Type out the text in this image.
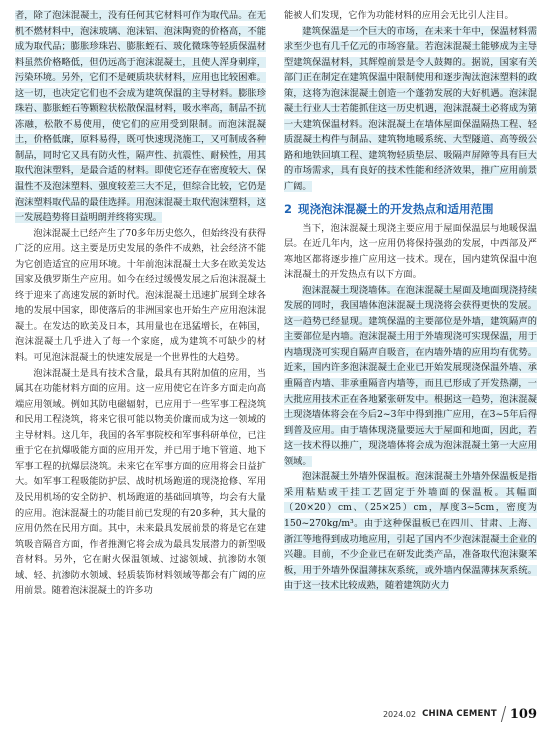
者，除了泡沫混凝土，没有任何其它材料可作为取代品。在无机不燃材料中，泡沫玻璃、泡沫铝、泡沫陶瓷的价格高，不能成为取代品；膨胀珍珠岩、膨胀蛭石、玻化微珠等轻质保温材料虽然价格略低，但仍远高于泡沫混凝土，且使人浑身刺痒，污染环境。另外，它们不是硬质块状材料，应用也比较困难。这一切，也决定它们也不会成为建筑保温的主导材料。膨胀珍珠岩、膨胀蛭石等颗粒状松散保温材料，吸水率高，制品不抗冻融，松散不易使用，使它们的应用受到限制。而泡沫混凝土，价格低廉，原料易得，既可快速现浇施工，又可制成各种制品，同时它又具有防火性，隔声性、抗震性、耐候性，用其取代泡沫塑料，是最合适的材料。即使它还存在密度较大、保温性不及泡沫塑料、强度较差三大不足，但综合比较，它仍是泡沫塑料取代品的最佳选择。用泡沫混凝土取代泡沫塑料，这一发展趋势将日益明朗并终将实现。

泡沫混凝土已经产生了70多年历史悠久，但始终没有获得广泛的应用。这主要是历史发展的条件不成熟，社会经济不能为它创造适宜的应用环境。十年前泡沫混凝土大多在欧美发达国家及俄罗斯生产应用。如今在经过缓慢发展之后泡沫混凝土终于迎来了高速发展的新时代。泡沫混凝土迅速扩展到全球各地的发展中国家，即使落后的非洲国家也开始生产应用泡沫混凝土。在发达的欧美及日本，其用量也在迅猛增长，在韩国，泡沫混凝土几乎进入了每一个家庭，成为建筑不可缺少的材料。可见泡沫混凝土的快速发展是一个世界性的大趋势。

泡沫混凝土是具有技术含量，最具有其附加值的应用，当属其在功能材料方面的应用。这一应用使它在许多方面走向高端应用领域。例如其防电磁辐射，已应用于一些军事工程浇筑和民用工程浇筑，将来它很可能以物美价廉而成为这一领域的主导材料。这几年，我国的各军事院校和军事科研单位，已注重于它在抗爆吸能方面的应用开发，并已用于地下管道、地下军事工程的抗爆层浇筑。未来它在军事方面的应用将会日益扩大。如军事工程吸能防护层、战时机场跑道的现浇抢修、军用及民用机场的安全防护、机场跑道的基础回填等，均会有大量的应用。泡沫混凝土的功能目前已发现的有20多种，其大量的应用仍然在民用方面。其中，未来最具发展前景的将是它在建筑吸音隔音方面，作者推测它将会成为最具发展潜力的新型吸音材料。另外，它在耐火保温领域、过滤领域、抗渗防水领域、轻、抗渗防水领域、轻质装饰材料领域等都会有广阔的应用前景。随着泡沫混凝土的许多功

能被人们发现，它作为功能材料的应用会无比引人注目。

建筑保温是一个巨大的市场，在未来十年中，保温材料需求至少也有几千亿元的市场容量。若泡沫混凝土能够成为主导型建筑保温材料，其辉煌前景是令人鼓舞的。据说，国家有关部门正在制定在建筑保温中限制使用和逐步淘汰泡沫塑料的政策，这将为泡沫混凝土创造一个蓬勃发展的大好机遇。泡沫混凝土行业人士若能抓住这一历史机遇，泡沫混凝土必将成为第一大建筑保温材料。泡沫混凝土在墙体屋面保温隔热工程、轻质混凝土构件与制品、建筑物地暖系统、大型隧道、高等级公路和地铁回填工程、建筑物轻质垫层、吸隔声屏障等具有巨大的市场需求，具有良好的技术性能和经济效果，推广应用前景广阔。

2 现浇泡沫混凝土的开发热点和适用范围

当下，泡沫混凝土现浇主要应用于屋面保温层与地暖保温层。在近几年内，这一应用仍将保持强劲的发展，中西部及严寒地区都将逐步推广应用这一技术。现在，国内建筑保温中泡沫混凝土的开发热点有以下方面。

泡沫混凝土现浇墙体。在泡沫混凝土屋面及地面现浇持续发展的同时，我国墙体泡沫混凝土现浇将会获得更快的发展。这一趋势已经显现。建筑保温的主要部位是外墙，建筑隔声的主要部位是内墙。泡沫混凝土用于外墙现浇可实现保温，用于内墙现浇可实现自隔声自吸音，在内墙外墙的应用均有优势。近来，国内许多泡沫混凝土企业已开始发展现浇保温外墙、承重隔音内墙、非承重隔音内墙等，而且已形成了开发热潮，一大批应用技术正在各地紧张研发中。根据这一趋势，泡沫混凝土现浇墙体将会在今后2~3年中得到推广应用，在3~5年后得到普及应用。由于墙体现浇量要远大于屋面和地面，因此，若这一技术得以推广，现浇墙体将会成为泡沫混凝土第一大应用领域。

泡沫混凝土外墙外保温板。泡沫混凝土外墙外保温板是指采用粘贴或干挂工艺固定于外墙面的保温板。其幅面（20×20）cm、（25×25）cm，厚度3~5cm，密度为150~270kg/m³。由于这种保温板已在四川、甘肃、上海、浙江等地得到成功地应用，引起了国内不少泡沫混凝土企业的兴趣。目前，不少企业已在研发此类产品，准备取代泡沫聚苯板，用于外墙外保温薄抹灰系统，或外墙内保温薄抹灰系统。由于这一技术比较成熟，随着建筑防火力

2024.02 CHINA CEMENT 109
